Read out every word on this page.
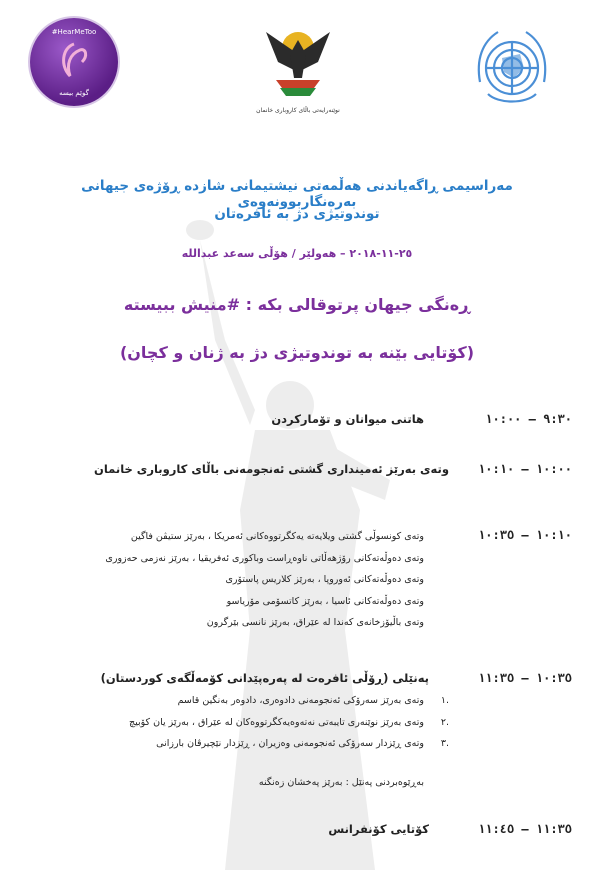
#HearMeToo
گوێم بیسە
نوێنەرایەتی باڵای کاروباری خانمان
مەراسیمی ڕاگەیاندنی هەڵمەتی نیشتیمانی شازدە ڕۆژەی جیهانی بەرەنگاربوونەوەی
توندوتیژی دژ بە ئافرەتان
٢٥-١١-٢٠١٨ – هەولێر / هۆڵی سەعد عبداللە
ڕەنگی جیهان پرتوقالی بکە : #منیش ببیستە
(کۆتایی بێنە بە توندوتیژی دژ بە ژنان و کچان)
٩:٣٠ – ١٠:٠٠
هاتنی میوانان و تۆمارکردن
١٠:٠٠ – ١٠:١٠
وتەی بەرێز ئەمینداری گشتی ئەنجومەنی باڵای کاروباری خانمان
١٠:١٠ – ١٠:٣٥
وتەی کونسوڵی گشتی ویلایەتە یەکگرتووەکانی ئەمریکا ، بەرێز ستیڤن فاگین
وتەی دەوڵەتەکانی رۆژهەڵاتی ناوەڕاست وباکوری ئەفریقیا ، بەرێز نەزمی حەزوری
وتەی دەوڵەتەکانی ئەوروپا ، بەرێز کلاریس پاستۆری
وتەی دەوڵەتەکانی ئاسیا ، بەرێز کاتسۆمی مۆریاسو
وتەی باڵیۆزخانەی کەندا لە عێراق، بەرێز نانسی بێرگرون
١٠:٣٥ – ١١:٣٥
پەنێلی (ڕۆڵی ئافرەت لە پەرەپێدانی کۆمەڵگەی کوردستان)
وتەی بەرێز سەرۆکی ئەنجومەنی دادوەری، دادوەر بەنگین قاسم
وتەی بەرێز نوێنەری تایبەتی نەتەوەیەکگرتووەکان لە عێراق ، بەرێز یان کۆبیچ
وتەی ڕێزدار سەرۆکی ئەنجومەنی وەزیران ، ڕێزدار نێچیرڤان بارزانی
١.
٢.
٣.
بەڕێوەبردنی پەنێل : بەرێز پەخشان زەنگنە
١١:٣٥ – ١١:٤٥
کۆتایی کۆنفرانس
